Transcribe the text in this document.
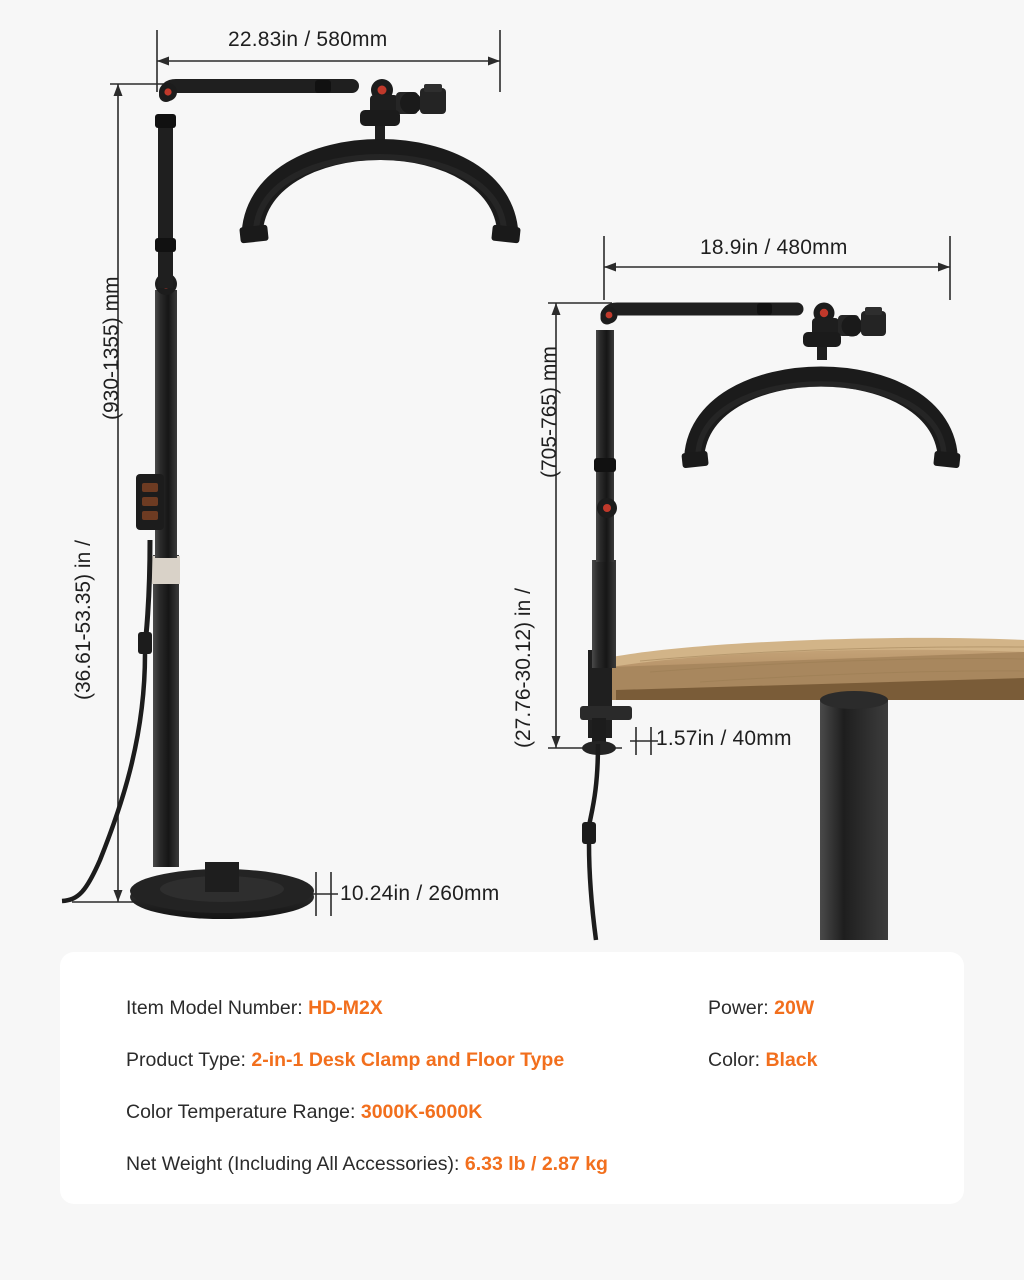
22.83in / 580mm
(36.61-53.35) in /
(930-1355) mm
10.24in / 260mm
18.9in / 480mm
(27.76-30.12) in /
(705-765) mm
1.57in / 40mm
Item Model Number: HD-M2X
Product Type: 2-in-1 Desk Clamp and Floor Type
Color Temperature Range: 3000K-6000K
Net Weight (Including All Accessories): 6.33 lb / 2.87 kg
Power: 20W
Color: Black
